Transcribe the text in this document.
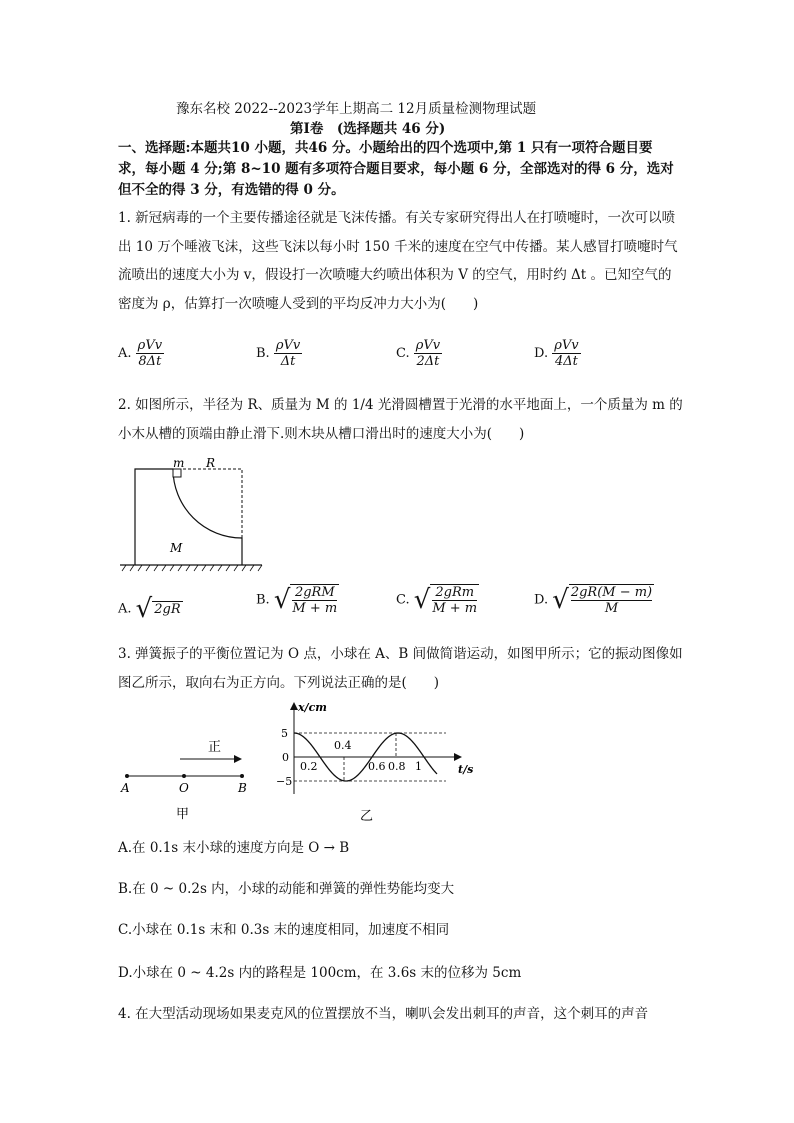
豫东名校 2022--2023学年上期高二 12月质量检测物理试题
第Ⅰ卷　(选择题共 46 分)
一、选择题:本题共10 小题，共46 分。小题给出的四个选项中,第 1 只有一项符合题目要求，每小题 4 分;第 8~10 题有多项符合题目要求，每小题 6 分，全部选对的得 6 分，选对但不全的得 3 分，有选错的得 0 分。
1. 新冠病毒的一个主要传播途径就是飞沫传播。有关专家研究得出人在打喷嚏时，一次可以喷出 10 万个唾液飞沫，这些飞沫以每小时 150 千米的速度在空气中传播。某人感冒打喷嚏时气流喷出的速度大小为 v，假设打一次喷嚏大约喷出体积为 V 的空气，用时约 Δt 。已知空气的密度为 ρ，估算打一次喷嚏人受到的平均反冲力大小为(　　)
A. $\frac{\text{ρVv}}{8\Delta t}$	B. $\frac{\text{ρVv}}{\Delta t}$	C. $\frac{\text{ρVv}}{2\Delta t}$	D. $\frac{\text{ρVv}}{4\Delta t}$
2. 如图所示，半径为 R、质量为 M 的 1/4 光滑圆槽置于光滑的水平地面上，一个质量为 m 的小木从槽的顶端由静止滑下.则木块从槽口滑出时的速度大小为(　　)
m R
M
A. √ 2gR
B. √ 2gRM
M + m
C. √ 2gRm
M + m
D. √ $\frac{2gR(M - m)}{M}$
3. 弹簧振子的平衡位置记为 O 点，小球在 A、B 间做简谐运动，如图甲所示；它的振动图像如图乙所示，取向右为正方向。下列说法正确的是(　　)
正
A	O	B
甲
x/cm
5
0
−5
0.2
0.4
0.6 0.8 1	t/s
乙
A.在 0.1s 末小球的速度方向是 O → B
B.在 0 ~ 0.2s 内，小球的动能和弹簧的弹性势能均变大
C.小球在 0.1s 末和 0.3s 末的速度相同，加速度不相同
D.小球在 0 ~ 4.2s 内的路程是 100cm，在 3.6s 末的位移为 5cm
4. 在大型活动现场如果麦克风的位置摆放不当，喇叭会发出刺耳的声音，这个刺耳的声音
